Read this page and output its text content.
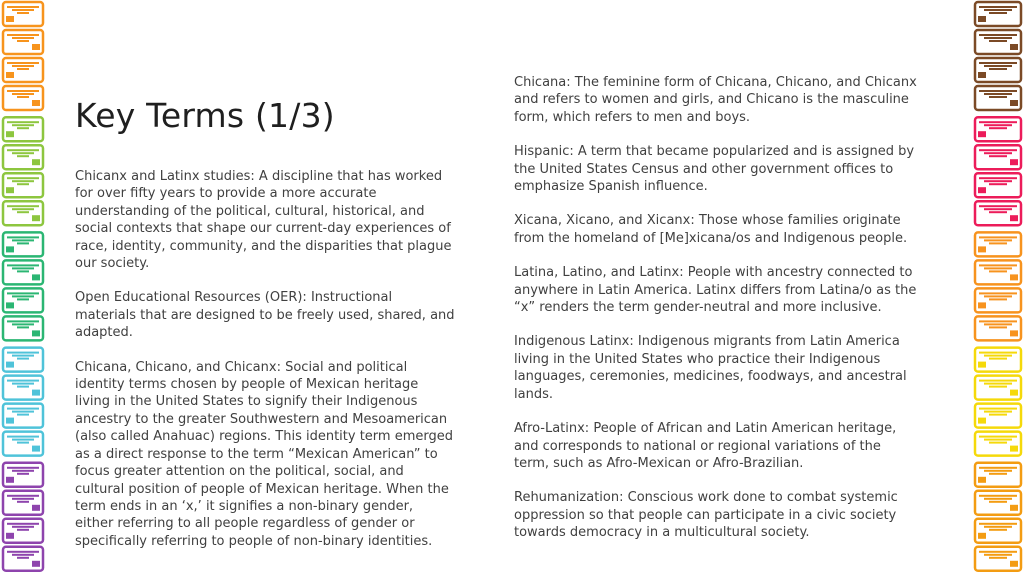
Key Terms (1/3)

Chicanx and Latinx studies: A discipline that has worked for over fifty years to provide a more accurate understanding of the political, cultural, historical, and social contexts that shape our current-day experiences of race, identity, community, and the disparities that plague our society.

Open Educational Resources (OER): Instructional materials that are designed to be freely used, shared, and adapted.

Chicana, Chicano, and Chicanx: Social and political identity terms chosen by people of Mexican heritage living in the United States to signify their Indigenous ancestry to the greater Southwestern and Mesoamerican (also called Anahuac) regions. This identity term emerged as a direct response to the term “Mexican American” to focus greater attention on the political, social, and cultural position of people of Mexican heritage. When the term ends in an ‘x,’ it signifies a non-binary gender, either referring to all people regardless of gender or specifically referring to people of non-binary identities.

Chicana: The feminine form of Chicana, Chicano, and Chicanx and refers to women and girls, and Chicano is the masculine form, which refers to men and boys.

Hispanic: A term that became popularized and is assigned by the United States Census and other government offices to emphasize Spanish influence.

Xicana, Xicano, and Xicanx: Those whose families originate from the homeland of [Me]xicana/os and Indigenous people.

Latina, Latino, and Latinx: People with ancestry connected to anywhere in Latin America. Latinx differs from Latina/o as the “x” renders the term gender-neutral and more inclusive.

Indigenous Latinx: Indigenous migrants from Latin America living in the United States who practice their Indigenous languages, ceremonies, medicines, foodways, and ancestral lands.

Afro-Latinx: People of African and Latin American heritage, and corresponds to national or regional variations of the term, such as Afro-Mexican or Afro-Brazilian.

Rehumanization: Conscious work done to combat systemic oppression so that people can participate in a civic society towards democracy in a multicultural society.
